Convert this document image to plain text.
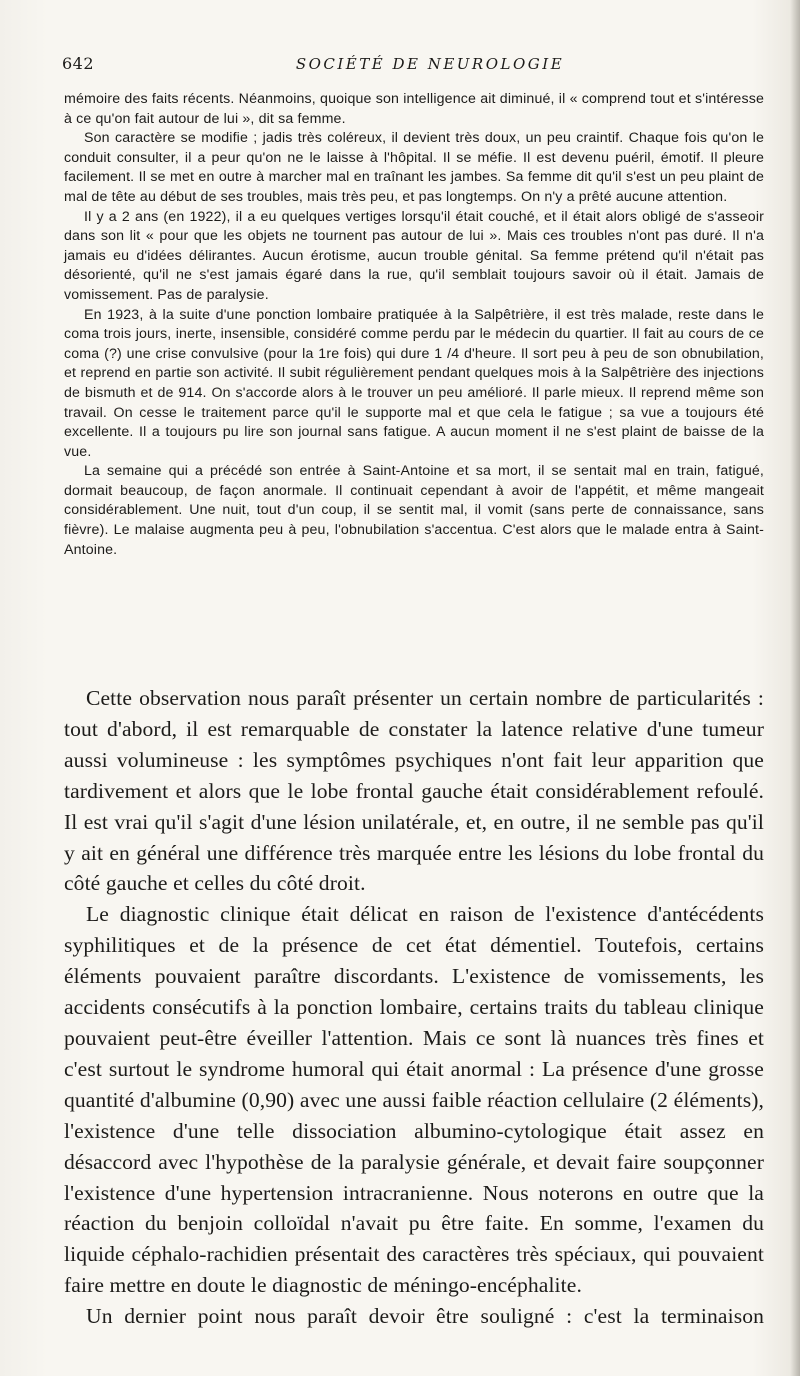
642	SOCIÉTÉ DE NEUROLOGIE

mémoire des faits récents. Néanmoins, quoique son intelligence ait diminué, il « comprend tout et s'intéresse à ce qu'on fait autour de lui », dit sa femme.

Son caractère se modifie ; jadis très coléreux, il devient très doux, un peu craintif. Chaque fois qu'on le conduit consulter, il a peur qu'on ne le laisse à l'hôpital. Il se méfie. Il est devenu puéril, émotif. Il pleure facilement. Il se met en outre à marcher mal en traînant les jambes. Sa femme dit qu'il s'est un peu plaint de mal de tête au début de ses troubles, mais très peu, et pas longtemps. On n'y a prêté aucune attention.

Il y a 2 ans (en 1922), il a eu quelques vertiges lorsqu'il était couché, et il était alors obligé de s'asseoir dans son lit « pour que les objets ne tournent pas autour de lui ». Mais ces troubles n'ont pas duré. Il n'a jamais eu d'idées délirantes. Aucun érotisme, aucun trouble génital. Sa femme prétend qu'il n'était pas désorienté, qu'il ne s'est jamais égaré dans la rue, qu'il semblait toujours savoir où il était. Jamais de vomissement. Pas de paralysie.

En 1923, à la suite d'une ponction lombaire pratiquée à la Salpêtrière, il est très malade, reste dans le coma trois jours, inerte, insensible, considéré comme perdu par le médecin du quartier. Il fait au cours de ce coma (?) une crise convulsive (pour la 1re fois) qui dure 1 /4 d'heure. Il sort peu à peu de son obnubilation, et reprend en partie son activité. Il subit régulièrement pendant quelques mois à la Salpêtrière des injections de bismuth et de 914. On s'accorde alors à le trouver un peu amélioré. Il parle mieux. Il reprend même son travail. On cesse le traitement parce qu'il le supporte mal et que cela le fatigue ; sa vue a toujours été excellente. Il a toujours pu lire son journal sans fatigue. A aucun moment il ne s'est plaint de baisse de la vue.

La semaine qui a précédé son entrée à Saint-Antoine et sa mort, il se sentait mal en train, fatigué, dormait beaucoup, de façon anormale. Il continuait cependant à avoir de l'appétit, et même mangeait considérablement. Une nuit, tout d'un coup, il se sentit mal, il vomit (sans perte de connaissance, sans fièvre). Le malaise augmenta peu à peu, l'obnubilation s'accentua. C'est alors que le malade entra à Saint-Antoine.

Cette observation nous paraît présenter un certain nombre de particularités : tout d'abord, il est remarquable de constater la latence relative d'une tumeur aussi volumineuse : les symptômes psychiques n'ont fait leur apparition que tardivement et alors que le lobe frontal gauche était considérablement refoulé. Il est vrai qu'il s'agit d'une lésion unilatérale, et, en outre, il ne semble pas qu'il y ait en général une différence très marquée entre les lésions du lobe frontal du côté gauche et celles du côté droit.

Le diagnostic clinique était délicat en raison de l'existence d'antécédents syphilitiques et de la présence de cet état démentiel. Toutefois, certains éléments pouvaient paraître discordants. L'existence de vomissements, les accidents consécutifs à la ponction lombaire, certains traits du tableau clinique pouvaient peut-être éveiller l'attention. Mais ce sont là nuances très fines et c'est surtout le syndrome humoral qui était anormal : La présence d'une grosse quantité d'albumine (0,90) avec une aussi faible réaction cellulaire (2 éléments), l'existence d'une telle dissociation albumino-cytologique était assez en désaccord avec l'hypothèse de la paralysie générale, et devait faire soupçonner l'existence d'une hypertension intracranienne. Nous noterons en outre que la réaction du benjoin colloïdal n'avait pu être faite. En somme, l'examen du liquide céphalo-rachidien présentait des caractères très spéciaux, qui pouvaient faire mettre en doute le diagnostic de méningo-encéphalite.

Un dernier point nous paraît devoir être souligné : c'est la terminaison
